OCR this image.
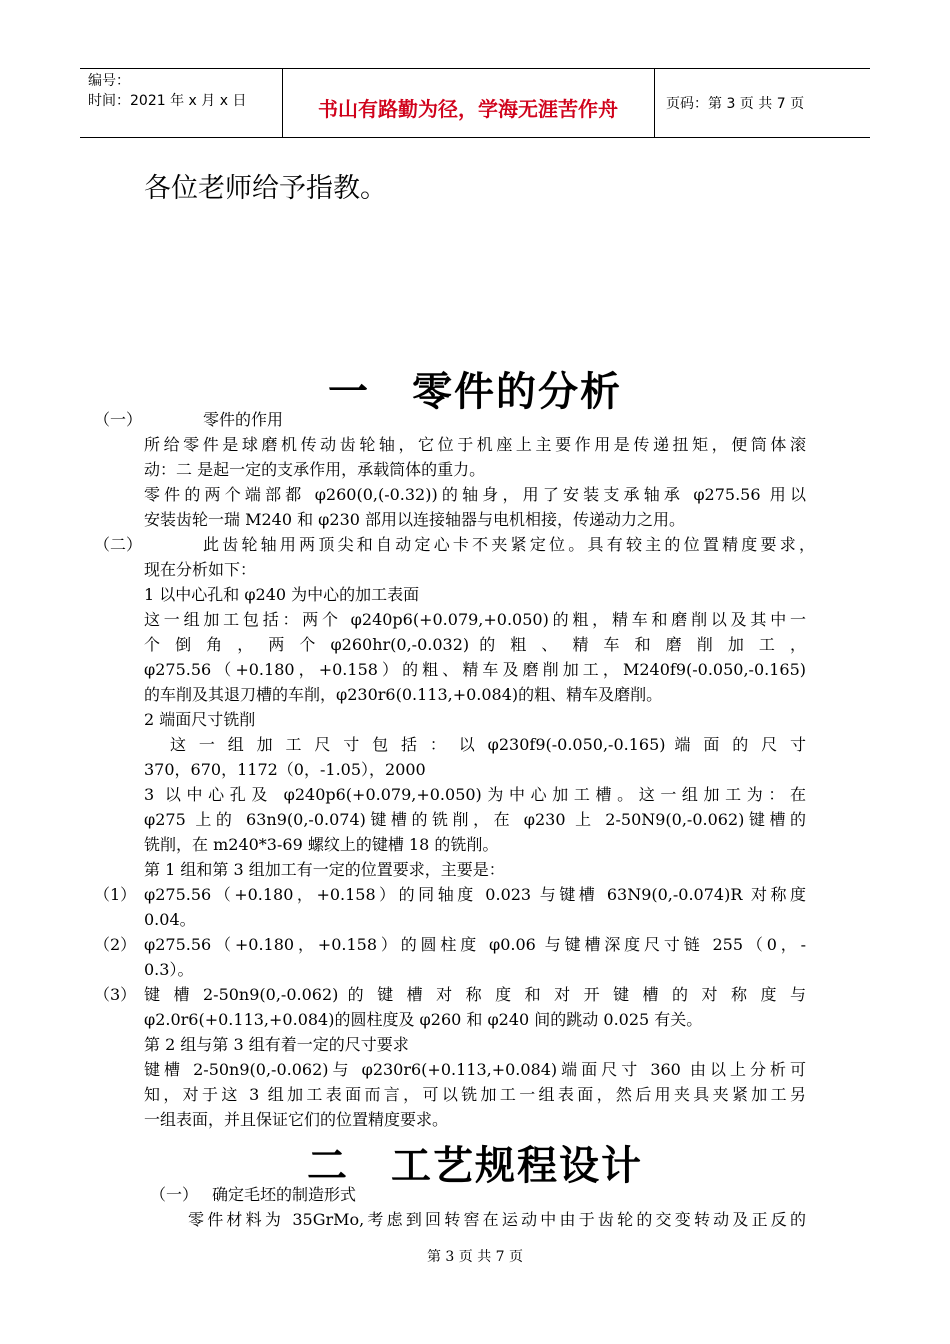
编号：
时间：2021 年 x 月 x 日	书山有路勤为径，学海无涯苦作舟	页码：第 3 页 共 7 页
各位老师给予指教。
一　零件的分析
（一）	零件的作用
所给零件是球磨机传动齿轮轴，它位于机座上主要作用是传递扭矩，便筒体滚
动：二 是起一定的支承作用，承载筒体的重力。
零件的两个端部都 φ260(0,(-0.32))的轴身，用了安装支承轴承 φ275.56 用以
安装齿轮一瑞 M240 和 φ230 部用以连接轴器与电机相接，传递动力之用。
（二）	此齿轮轴用两顶尖和自动定心卡不夹紧定位。具有较主的位置精度要求，
现在分析如下：
1 以中心孔和 φ240 为中心的加工表面
这一组加工包括：两个 φ240p6(+0.079,+0.050)的粗，精车和磨削以及其中一
个 倒 角 ， 两 个 φ260hr(0,-0.032) 的 粗 、 精 车 和 磨 削 加 工 ，
φ275.56（+0.180，+0.158）的粗、精车及磨削加工，M240f9(-0.050,-0.165)
的车削及其退刀槽的车削，φ230r6(0.113,+0.084)的粗、精车及磨削。
2 端面尺寸铣削
这 一 组 加 工 尺 寸 包 括 ： 以 φ230f9(-0.050,-0.165) 端 面 的 尺 寸
370，670，1172（0，-1.05），2000
3 以中心孔及 φ240p6(+0.079,+0.050)为中心加工槽。这一组加工为：在
φ275 上的 63n9(0,-0.074)键槽的铣削，在 φ230 上 2-50N9(0,-0.062)键槽的
铣削，在 m240*3-69 螺纹上的键槽 18 的铣削。
第 1 组和第 3 组加工有一定的位置要求，主要是：
（1） φ275.56（+0.180，+0.158）的同轴度 0.023 与键槽 63N9(0,-0.074)R 对称度
0.04。
（2） φ275.56（+0.180，+0.158）的圆柱度 φ0.06 与键槽深度尺寸链 255（0，-
0.3）。
（3） 键 槽 2-50n9(0,-0.062) 的 键 槽 对 称 度 和 对 开 键 槽 的 对 称 度 与
φ2.0r6(+0.113,+0.084)的圆柱度及 φ260 和 φ240 间的跳动 0.025 有关。
第 2 组与第 3 组有着一定的尺寸要求
键槽 2-50n9(0,-0.062)与 φ230r6(+0.113,+0.084)端面尺寸 360 由以上分析可
知，对于这 3 组加工表面而言，可以铣加工一组表面，然后用夹具夹紧加工另
一组表面，并且保证它们的位置精度要求。
二　工艺规程设计
（一） 确定毛坯的制造形式
零件材料为 35GrMo,考虑到回转窖在运动中由于齿轮的交变转动及正反的
第 3 页 共 7 页
